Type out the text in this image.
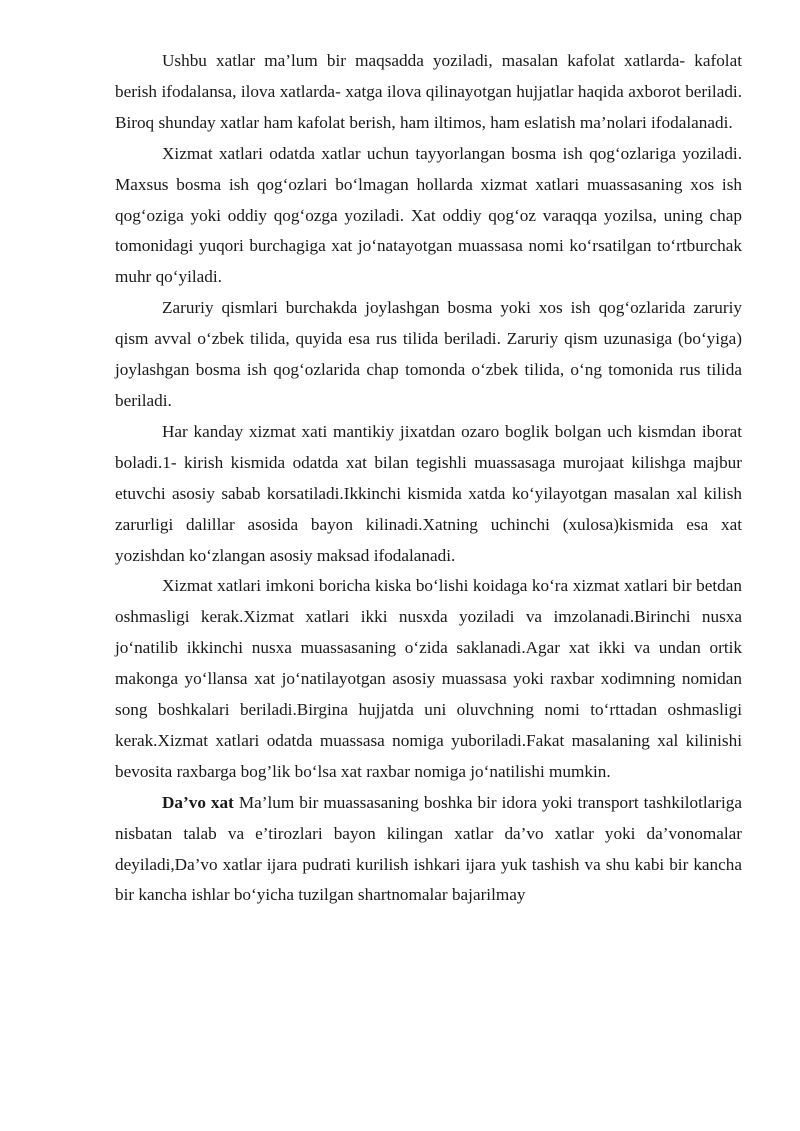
Ushbu xatlar ma’lum bir maqsadda yoziladi, masalan kafolat xatlarda- kafolat berish ifodalansa, ilova xatlarda- xatga ilova qilinayotgan hujjatlar haqida axborot beriladi. Biroq shunday xatlar ham kafolat berish, ham iltimos, ham eslatish ma’nolari ifodalanadi.

Xizmat xatlari odatda xatlar uchun tayyorlangan bosma ish qog‘ozlariga yoziladi. Maxsus bosma ish qog‘ozlari bo‘lmagan hollarda xizmat xatlari muassasaning xos ish qog‘oziga yoki oddiy qog‘ozga yoziladi. Xat oddiy qog‘oz varaqqa yozilsa, uning chap tomonidagi yuqori burchagiga xat jo‘natayotgan muassasa nomi ko‘rsatilgan to‘rtburchak muhr qo‘yiladi.

Zaruriy qismlari burchakda joylashgan bosma yoki xos ish qog‘ozlarida zaruriy qism avval o‘zbek tilida, quyida esa rus tilida beriladi. Zaruriy qism uzunasiga (bo‘yiga) joylashgan bosma ish qog‘ozlarida chap tomonda o‘zbek tilida, o‘ng tomonida rus tilida beriladi.

Har kanday xizmat xati mantikiy jixatdan ozaro boglik bolgan uch kismdan iborat boladi.1- kirish kismida odatda xat bilan tegishli muassasaga murojaat kilishga majbur etuvchi asosiy sabab korsatiladi.Ikkinchi kismida xatda ko‘yilayotgan masalan xal kilish zarurligi dalillar asosida bayon kilinadi.Xatning uchinchi (xulosa)kismida esa xat yozishdan ko‘zlangan asosiy maksad ifodalanadi.

Xizmat xatlari imkoni boricha kiska bo‘lishi koidaga ko‘ra xizmat xatlari bir betdan oshmasligi kerak.Xizmat xatlari ikki nusxda yoziladi va imzolanadi.Birinchi nusxa jo‘natilib ikkinchi nusxa muassasaning o‘zida saklanadi.Agar xat ikki va undan ortik makonga yo‘llansa xat jo‘natilayotgan asosiy muassasa yoki raxbar xodimning nomidan song boshkalari beriladi.Birgina hujjatda uni oluvchning nomi to‘rttadan oshmasligi kerak.Xizmat xatlari odatda muassasa nomiga yuboriladi.Fakat masalaning xal kilinishi bevosita raxbarga bog’lik bo‘lsa xat raxbar nomiga jo‘natilishi mumkin.

Da’vo xat Ma’lum bir muassasaning boshka bir idora yoki transport tashkilotlariga nisbatan talab va e’tirozlari bayon kilingan xatlar da’vo xatlar yoki da’vonomalar deyiladi,Da’vo xatlar ijara pudrati kurilish ishkari ijara yuk tashish va shu kabi bir kancha bir kancha ishlar bo‘yicha tuzilgan shartnomalar bajarilmay
